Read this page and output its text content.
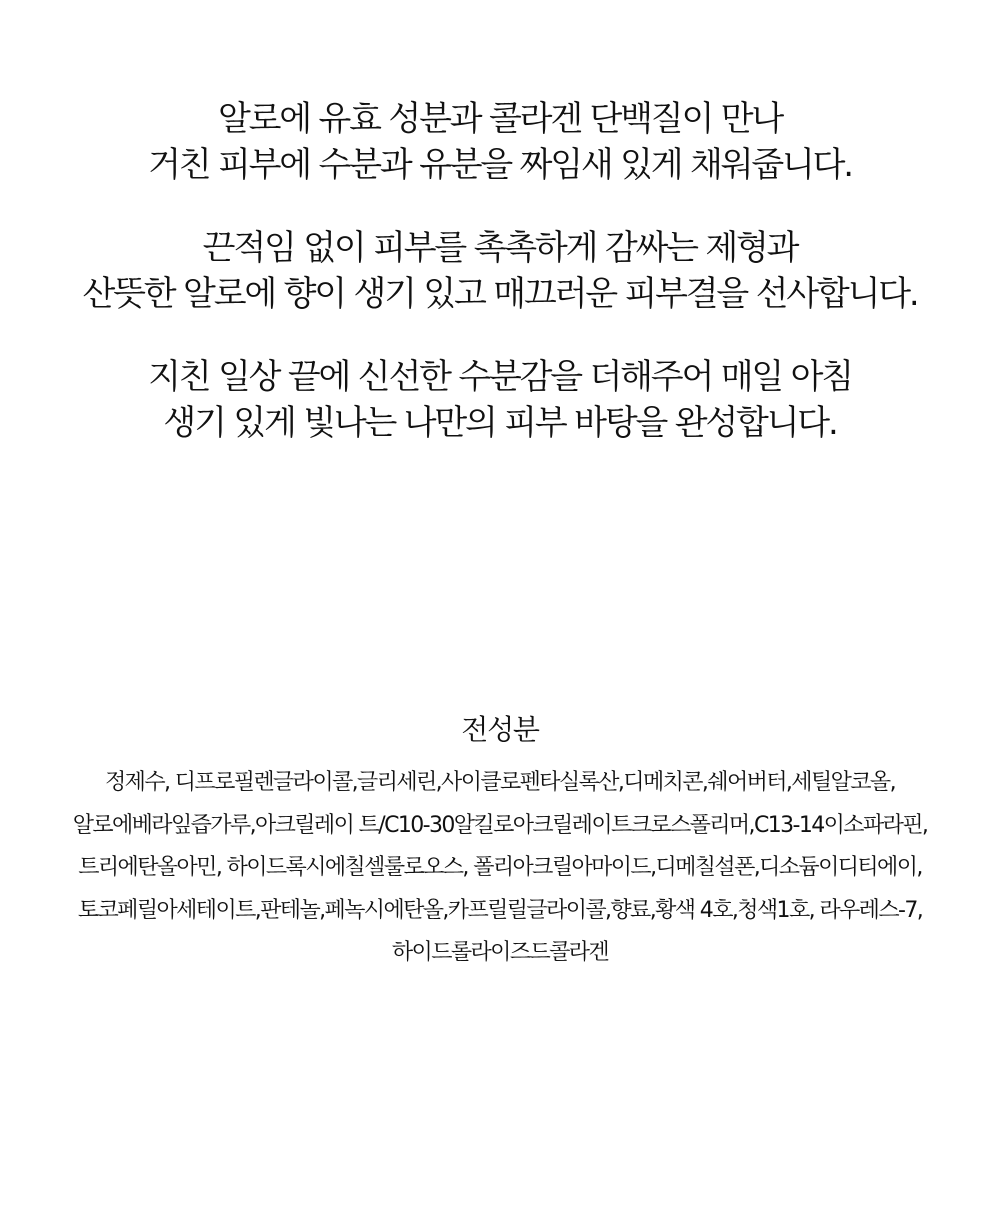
알로에 유효 성분과 콜라겐 단백질이 만나
거친 피부에 수분과 유분을 짜임새 있게 채워줍니다.

끈적임 없이 피부를 촉촉하게 감싸는 제형과
산뜻한 알로에 향이 생기 있고 매끄러운 피부결을 선사합니다.

지친 일상 끝에 신선한 수분감을 더해주어 매일 아침
생기 있게 빛나는 나만의 피부 바탕을 완성합니다.

전성분
정제수, 디프로필렌글라이콜,글리세린,사이클로펜타실록산,디메치콘,쉐어버터,세틸알코올,
알로에베라잎즙가루,아크릴레이 트/C10-30알킬로아크릴레이트크로스폴리머,C13-14이소파라핀,
트리에탄올아민, 하이드록시에칠셀룰로오스, 폴리아크릴아마이드,디메칠설폰,디소듐이디티에이,
토코페릴아세테이트,판테놀,페녹시에탄올,카프릴릴글라이콜,향료,황색 4호,청색1호, 라우레스-7,
하이드롤라이즈드콜라겐
